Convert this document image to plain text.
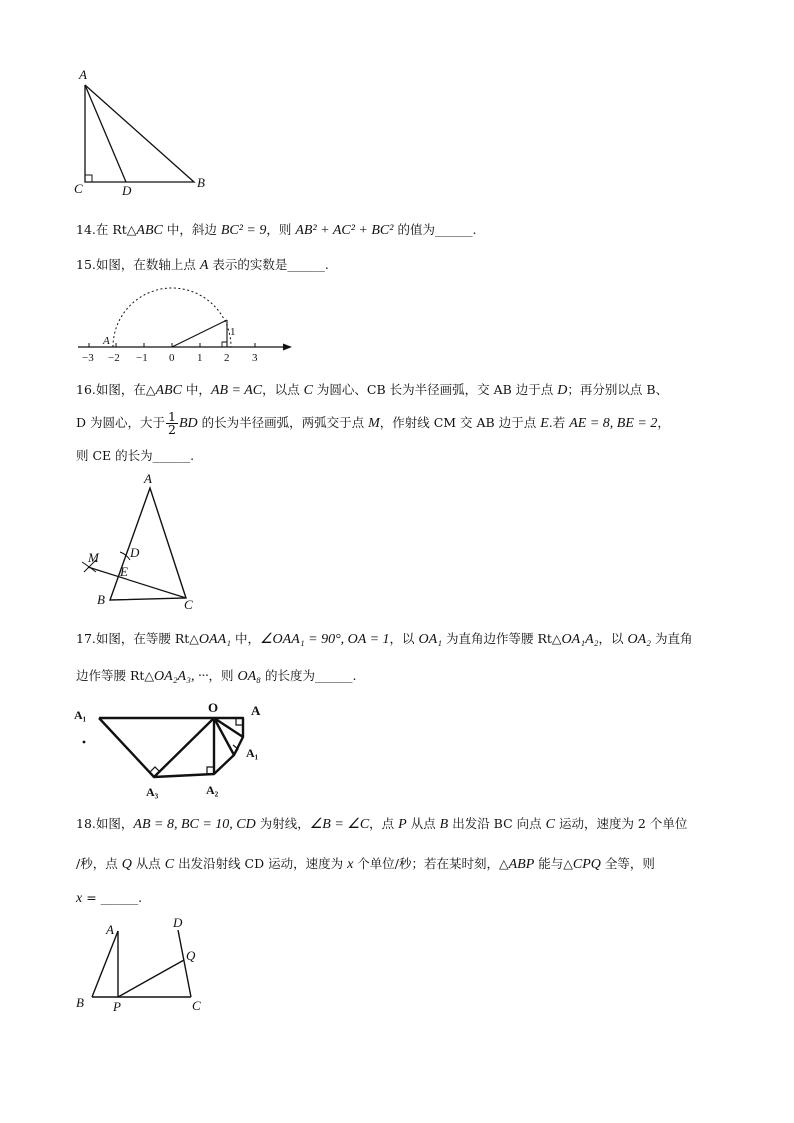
A
C	D
B
14.在 Rt△ABC 中，斜边 BC² = 9，则 AB² + AC² + BC² 的值为______.
15.如图，在数轴上点 A 表示的实数是______.
A
1
−3 −2 −1 0 1 2 3
16.如图，在△ABC 中，AB = AC，以点 C 为圆心、CB 长为半径画弧，交 AB 边于点 D；再分别以点 B、
D 为圆心，大于 $\frac{1}{2}$ BD 的长为半径画弧，两弧交于点 M，作射线 CM 交 AB 边于点 E.若 AE = 8, BE = 2，
则 CE 的长为______.
A
D
M
E
B	C
17.如图，在等腰 Rt△OAA₁ 中，∠OAA₁ = 90°, OA = 1，以 OA₁ 为直角边作等腰 Rt△OA₁A₂，以 OA₂ 为直角
边作等腰 Rt△OA₂A₃, ···，则 OA₈ 的长度为______.
A₁	O	A
A₁
A₂
A₃
18.如图，AB = 8, BC = 10, CD 为射线，∠B = ∠C，点 P 从点 B 出发沿 BC 向点 C 运动，速度为 2 个单位
/秒，点 Q 从点 C 出发沿射线 CD 运动，速度为 x 个单位/秒；若在某时刻，△ABP 能与△CPQ 全等，则
x = ______.
A	D
Q
B P	C
